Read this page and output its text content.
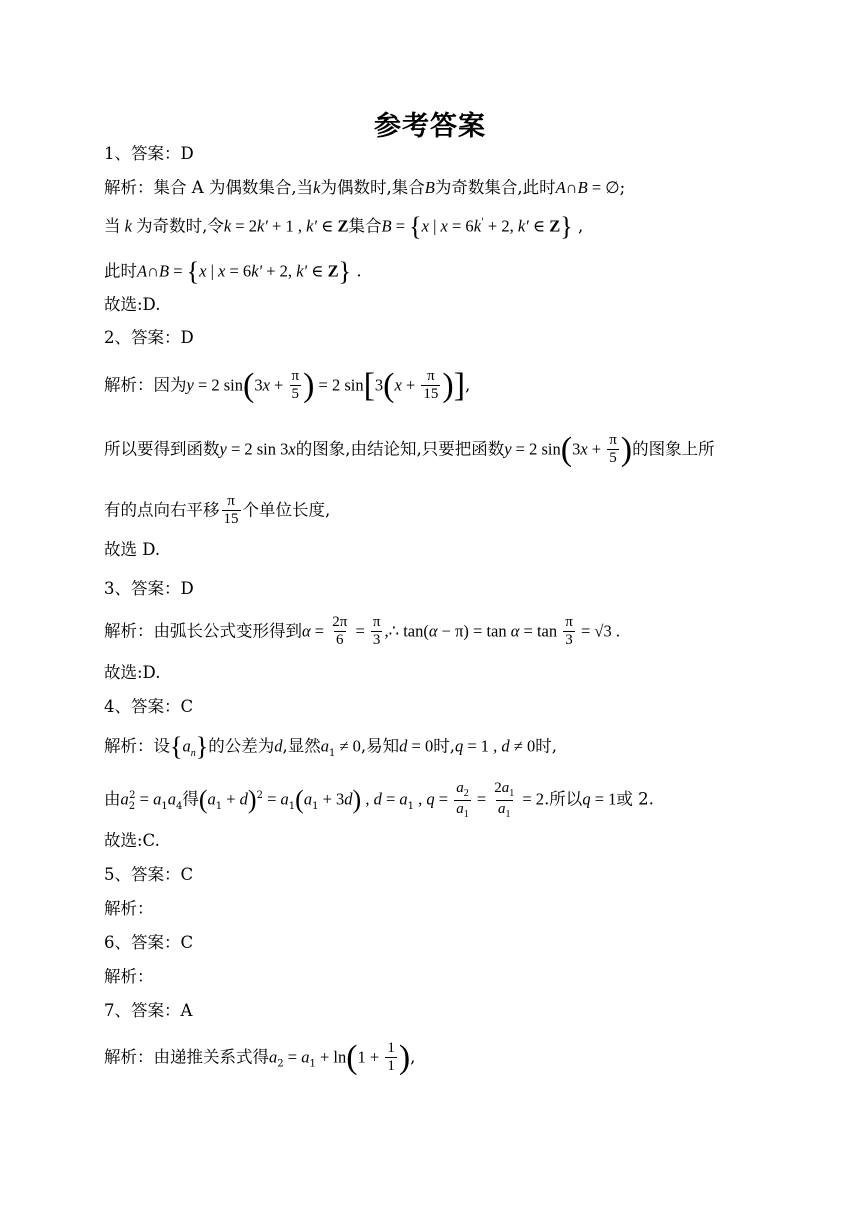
参考答案
1、答案：D
解析：集合 A 为偶数集合,当k为偶数时,集合B为奇数集合,此时A∩B = ∅;
当 k 为奇数时,令k = 2k′ + 1 , k′ ∈ Z集合B = {x | x = 6k' + 2, k′ ∈ Z} ,
此时A∩B = {x | x = 6k′ + 2, k′ ∈ Z} .
故选:D.
2、答案：D
解析：因为y = 2 $\sin(3x + \frac{\pi}{5}$ ) = 2 $\sin[3(x + \frac{\pi}{15}$ )],
所以要得到函数y = 2 sin 3x的图象,由结论知,只要把函数y = 2 $\sin(3x + \frac{\pi}{5}$ )的图象上所
有的点向右平移 $\frac{\pi}{15}$ 个单位长度,
故选 D.
3、答案：D
解析：由弧长公式变形得到$\alpha = \frac{2\pi}{6} = \frac{\pi}{3}$ ,∴ $\tan(\alpha - \pi) = \tan \alpha = \tan \frac{\pi}{3} = √3$ .
故选:D.
4、答案：C
解析：设$\{a_n\}$的公差为d,显然$a_1 \ne 0$,易知d = 0时,q = 1 , d ≠ 0时,
由$a_2^2 = a_1a_4$得$(a_1 + d)^2 = a_1(a_1 + 3d)$ , $d = a_1$ , $q = \frac{a_2}{a_1} = \frac{2a_1}{a_1} = 2$.所以q = 1或 2.
故选:C.
5、答案：C
解析：
6、答案：C
解析：
7、答案：A
解析：由递推关系式得$a_2 = a_1 + \ln(1 + \frac{1}{1}$ ),
